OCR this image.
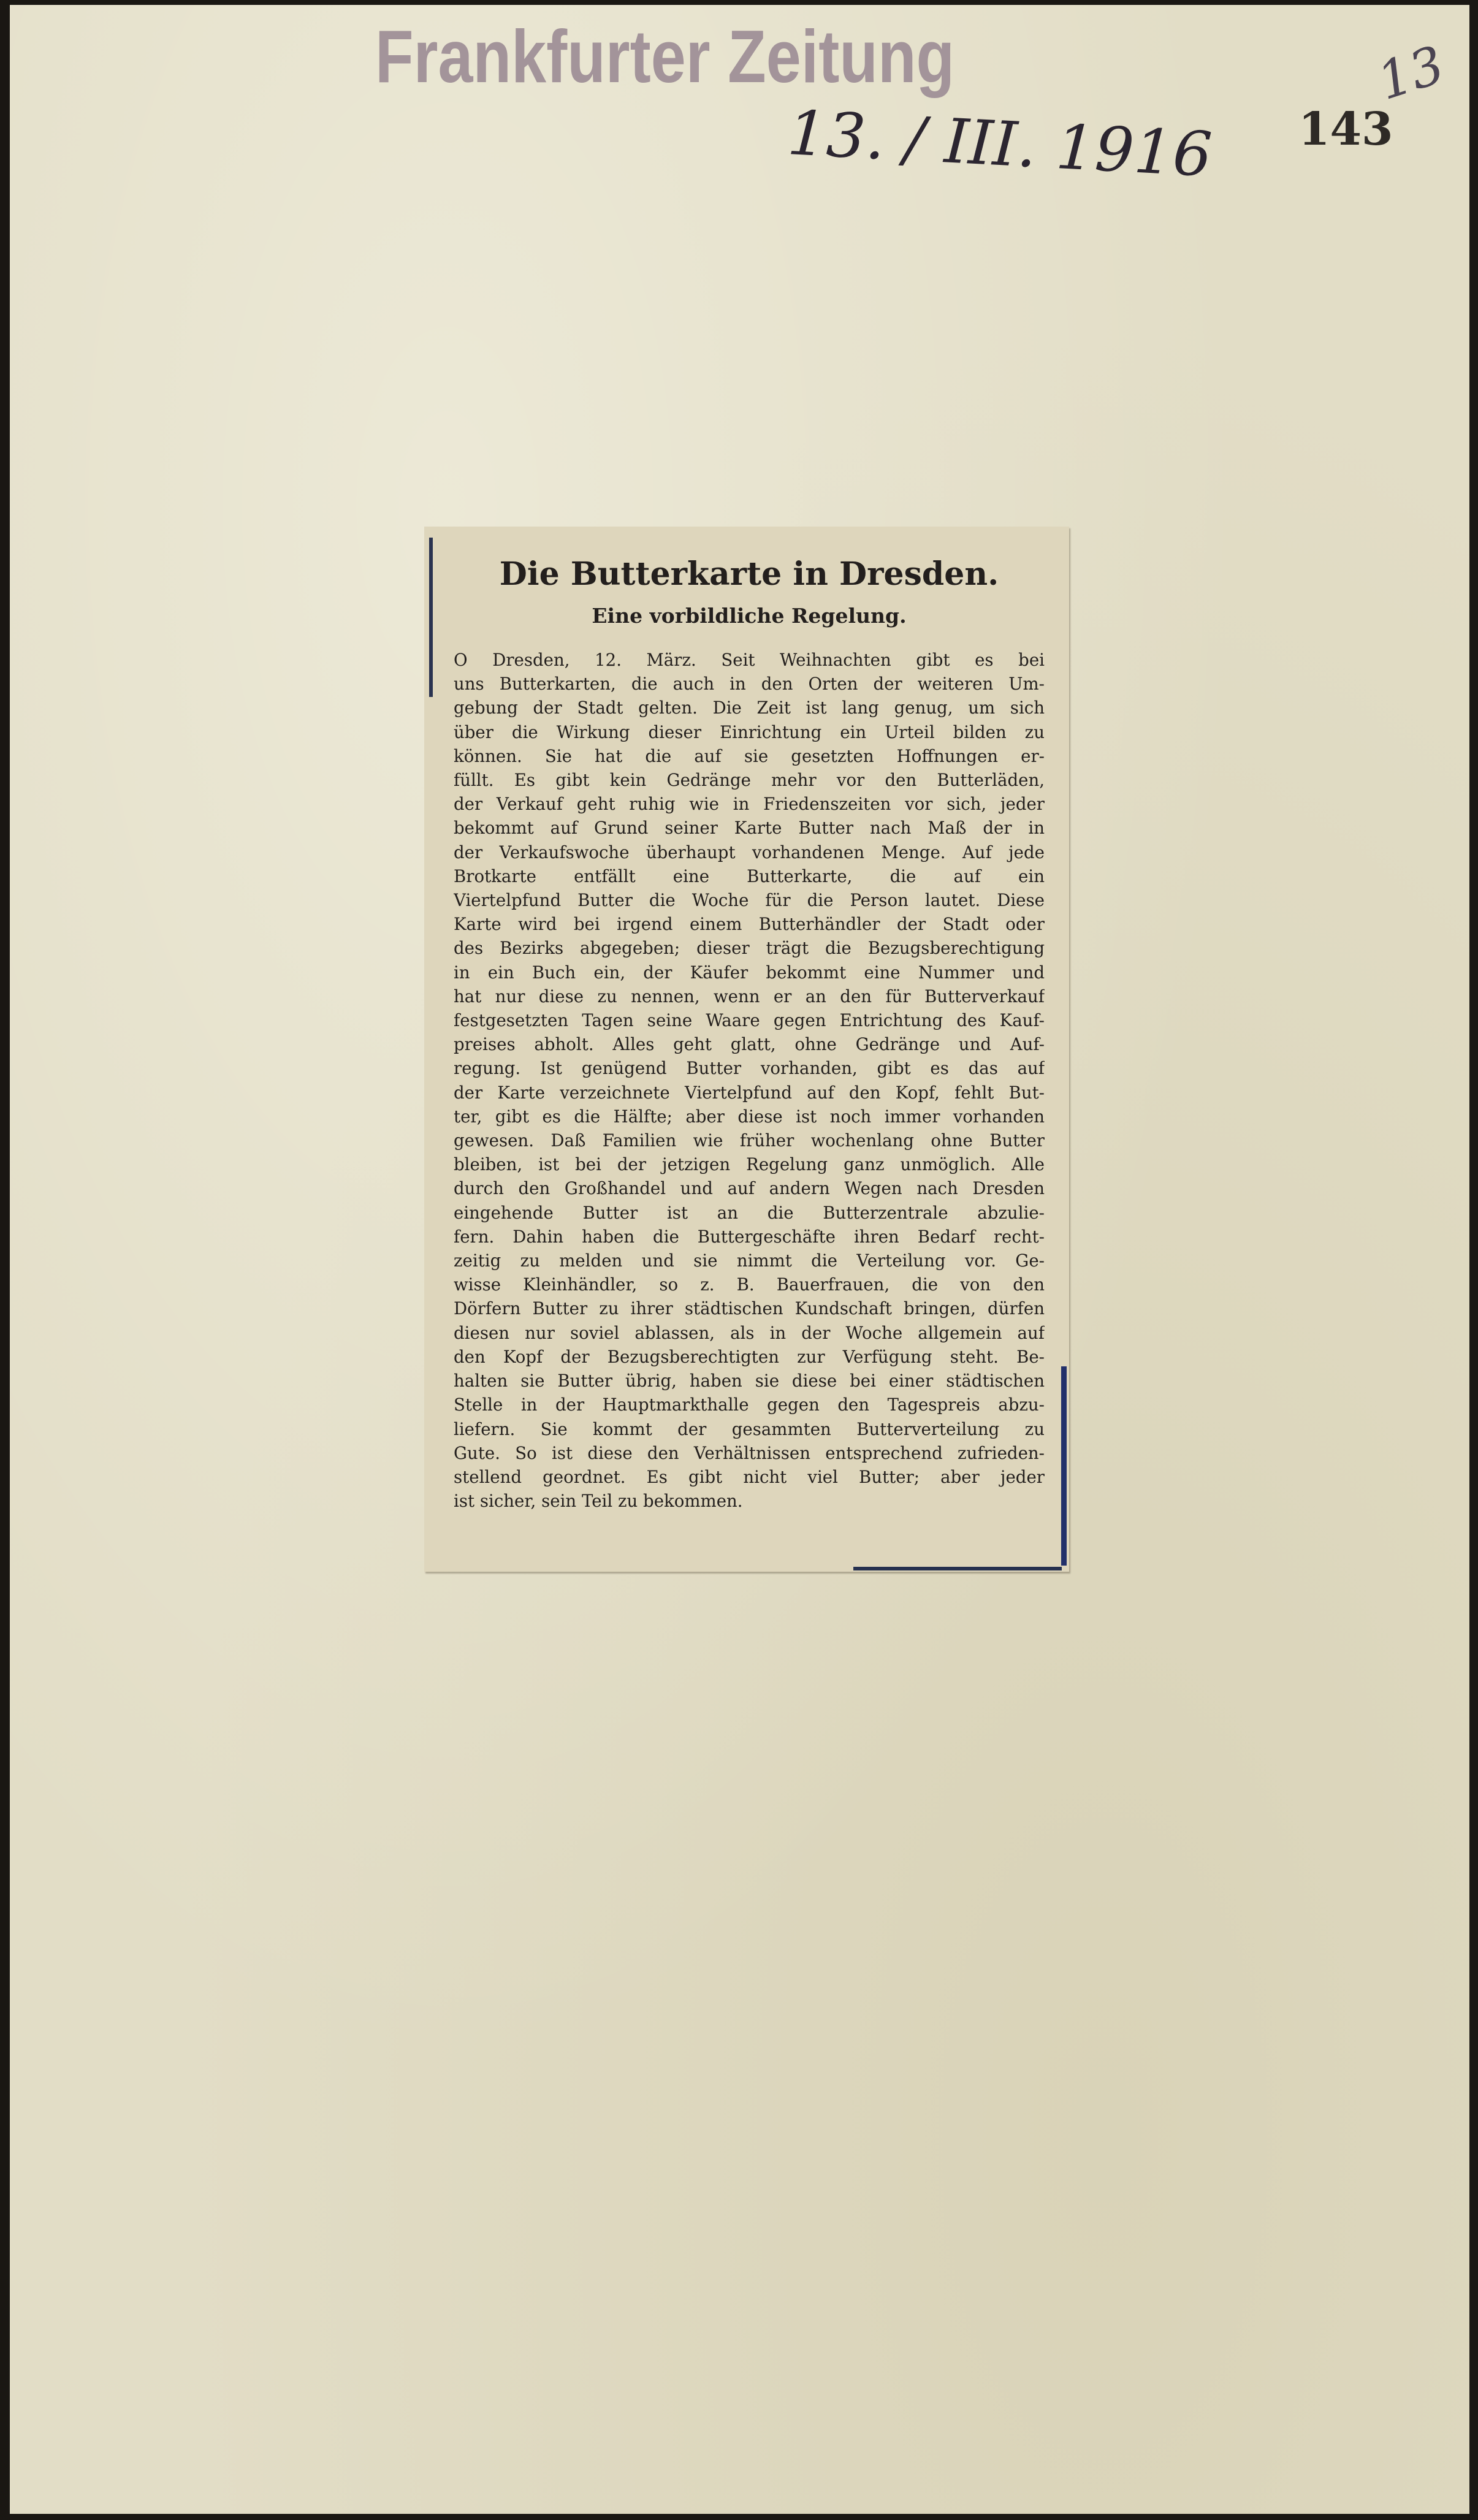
Frankfurter Zeitung
13. / III. 1916 143
13
Die Butterkarte in Dresden.
Eine vorbildliche Regelung.
O Dresden, 12. März. Seit Weihnachten gibt es bei
uns Butterkarten, die auch in den Orten der weiteren Um-
gebung der Stadt gelten. Die Zeit ist lang genug, um sich
über die Wirkung dieser Einrichtung ein Urteil bilden zu
können. Sie hat die auf sie gesetzten Hoffnungen er-
füllt. Es gibt kein Gedränge mehr vor den Butterläden,
der Verkauf geht ruhig wie in Friedenszeiten vor sich, jeder
bekommt auf Grund seiner Karte Butter nach Maß der in
der Verkaufswoche überhaupt vorhandenen Menge. Auf jede
Brotkarte entfällt eine Butterkarte, die auf ein
Viertelpfund Butter die Woche für die Person lautet. Diese
Karte wird bei irgend einem Butterhändler der Stadt oder
des Bezirks abgegeben; dieser trägt die Bezugsberechtigung
in ein Buch ein, der Käufer bekommt eine Nummer und
hat nur diese zu nennen, wenn er an den für Butterverkauf
festgesetzten Tagen seine Waare gegen Entrichtung des Kauf-
preises abholt. Alles geht glatt, ohne Gedränge und Auf-
regung. Ist genügend Butter vorhanden, gibt es das auf
der Karte verzeichnete Viertelpfund auf den Kopf, fehlt But-
ter, gibt es die Hälfte; aber diese ist noch immer vorhanden
gewesen. Daß Familien wie früher wochenlang ohne Butter
bleiben, ist bei der jetzigen Regelung ganz unmöglich. Alle
durch den Großhandel und auf andern Wegen nach Dresden
eingehende Butter ist an die Butterzentrale abzulie-
fern. Dahin haben die Buttergeschäfte ihren Bedarf recht-
zeitig zu melden und sie nimmt die Verteilung vor. Ge-
wisse Kleinhändler, so z. B. Bauerfrauen, die von den
Dörfern Butter zu ihrer städtischen Kundschaft bringen, dürfen
diesen nur soviel ablassen, als in der Woche allgemein auf
den Kopf der Bezugsberechtigten zur Verfügung steht. Be-
halten sie Butter übrig, haben sie diese bei einer städtischen
Stelle in der Hauptmarkthalle gegen den Tagespreis abzu-
liefern. Sie kommt der gesammten Butterverteilung zu
Gute. So ist diese den Verhältnissen entsprechend zufrieden-
stellend geordnet. Es gibt nicht viel Butter; aber jeder
ist sicher, sein Teil zu bekommen.
